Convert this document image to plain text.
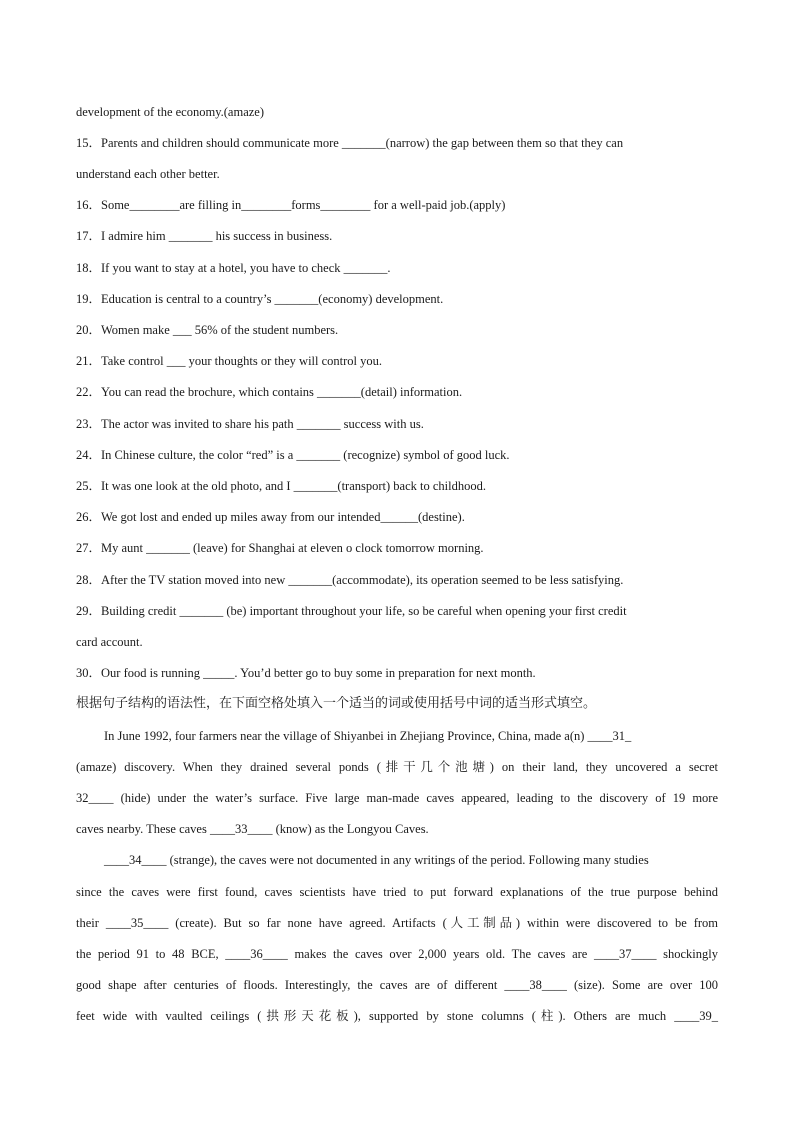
development of the economy.(amaze)
15．Parents and children should communicate more _______(narrow) the gap between them so that they can
understand each other better.
16．Some________are filling in________forms________ for a well-paid job.(apply)
17．I admire him _______ his success in business.
18．If you want to stay at a hotel, you have to check _______.
19．Education is central to a country’s _______(economy) development.
20．Women make ___ 56% of the student numbers.
21．Take control ___ your thoughts or they will control you.
22．You can read the brochure, which contains _______(detail) information.
23．The actor was invited to share his path _______ success with us.
24．In Chinese culture, the color “red” is a _______ (recognize) symbol of good luck.
25．It was one look at the old photo, and I _______(transport) back to childhood.
26．We got lost and ended up miles away from our intended______(destine).
27．My aunt _______ (leave) for Shanghai at eleven o clock tomorrow morning.
28．After the TV station moved into new _______(accommodate), its operation seemed to be less satisfying.
29．Building credit _______ (be) important throughout your life, so be careful when opening your first credit
card account.
30．Our food is running _____. You’d better go to buy some in preparation for next month.
根据句子结构的语法性，在下面空格处填入一个适当的词或使用括号中词的适当形式填空。
In June 1992, four farmers near the village of Shiyanbei in Zhejiang Province, China, made a(n) ____31_
(amaze) discovery. When they drained several ponds (排干几个池塘) on their land, they uncovered a secret
32____ (hide) under the water’s surface. Five large man-made caves appeared, leading to the discovery of 19 more
caves nearby. These caves ____33____ (know) as the Longyou Caves.
____34____ (strange), the caves were not documented in any writings of the period. Following many studies
since the caves were first found, caves scientists have tried to put forward explanations of the true purpose behind
their ____35____ (create). But so far none have agreed. Artifacts (人工制品) within were discovered to be from
the period 91 to 48 BCE, ____36____ makes the caves over 2,000 years old. The caves are ____37____ shockingly
good shape after centuries of floods. Interestingly, the caves are of different ____38____ (size). Some are over 100
feet wide with vaulted ceilings (拱形天花板), supported by stone columns (柱). Others are much ____39_
